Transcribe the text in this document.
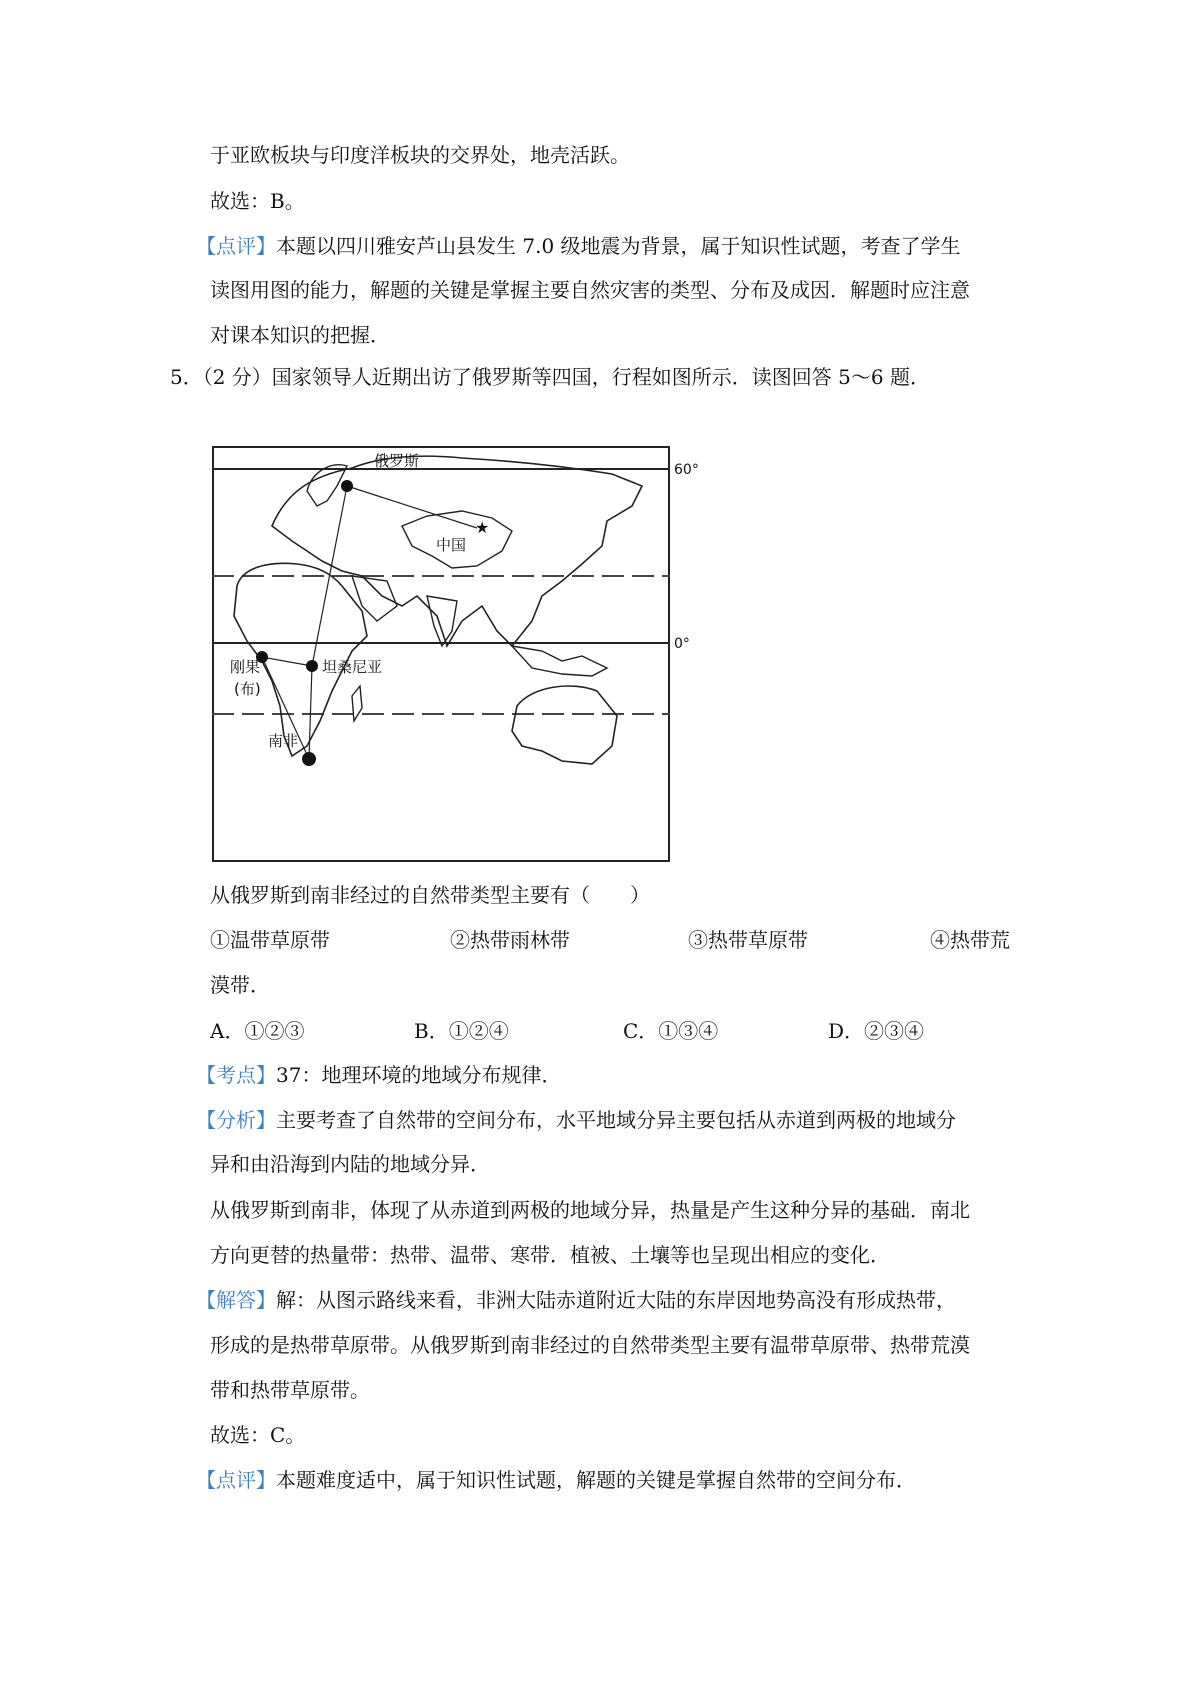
于亚欧板块与印度洋板块的交界处，地壳活跃。
故选：B。
【点评】本题以四川雅安芦山县发生 7.0 级地震为背景，属于知识性试题，考查了学生
读图用图的能力，解题的关键是掌握主要自然灾害的类型、分布及成因．解题时应注意
对课本知识的把握．
5．（2 分）国家领导人近期出访了俄罗斯等四国，行程如图所示．读图回答 5～6 题．
★
俄罗斯
中国
坦桑尼亚
刚果
(布)
南非
60°
0°
从俄罗斯到南非经过的自然带类型主要有（　　）
①温带草原带	②热带雨林带	③热带草原带	④热带荒
漠带．
A．①②③	B．①②④	C．①③④	D．②③④
【考点】37：地理环境的地域分布规律．
【分析】主要考查了自然带的空间分布，水平地域分异主要包括从赤道到两极的地域分
异和由沿海到内陆的地域分异．
从俄罗斯到南非，体现了从赤道到两极的地域分异，热量是产生这种分异的基础．南北
方向更替的热量带：热带、温带、寒带．植被、土壤等也呈现出相应的变化．
【解答】解：从图示路线来看，非洲大陆赤道附近大陆的东岸因地势高没有形成热带，
形成的是热带草原带。从俄罗斯到南非经过的自然带类型主要有温带草原带、热带荒漠
带和热带草原带。
故选：C。
【点评】本题难度适中，属于知识性试题，解题的关键是掌握自然带的空间分布．
